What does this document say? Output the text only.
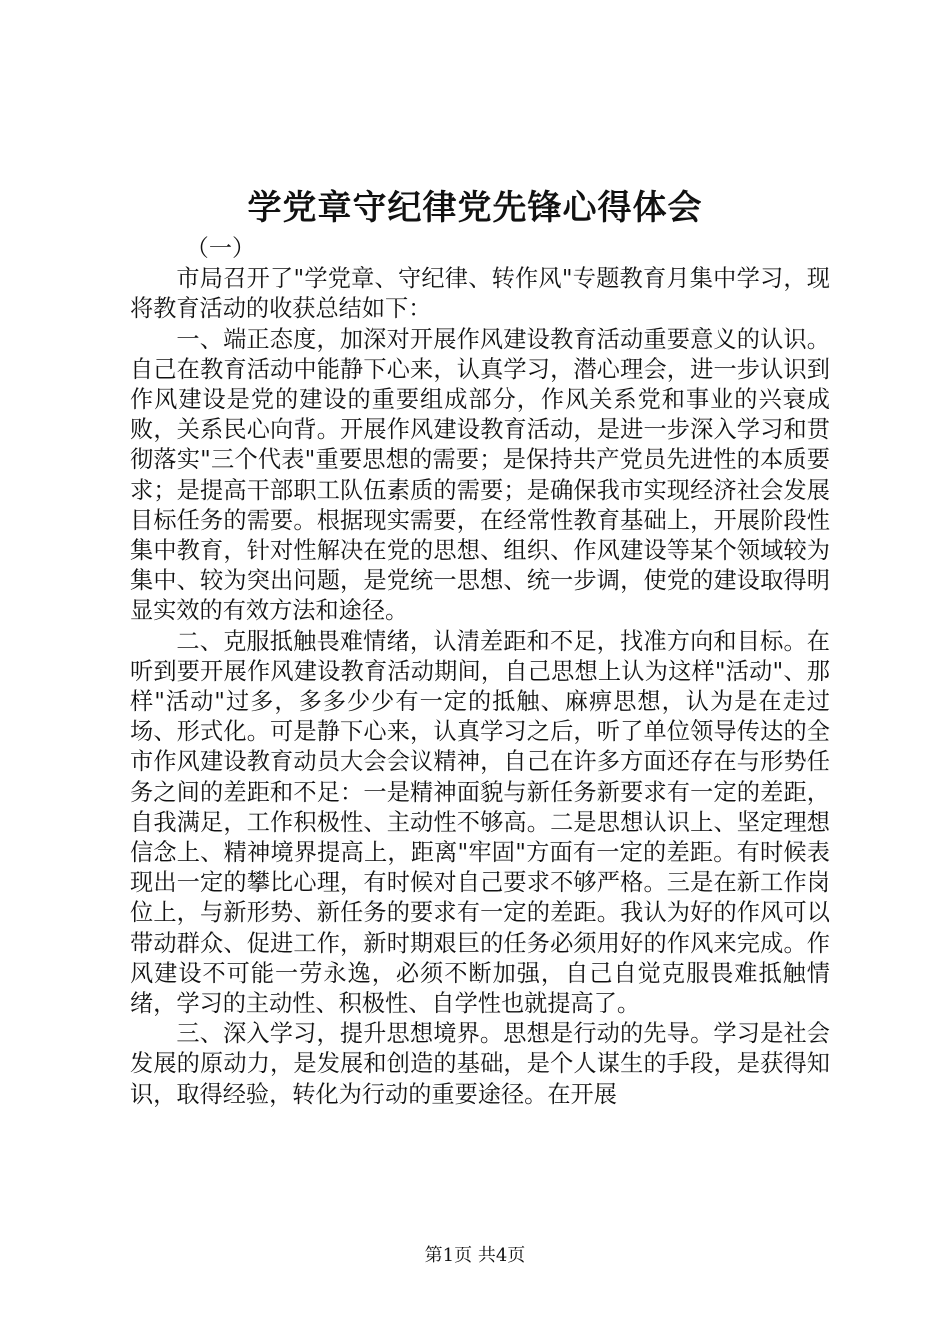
学党章守纪律党先锋心得体会

（一）

市局召开了"学党章、守纪律、转作风"专题教育月集中学习，现将教育活动的收获总结如下：

一、端正态度，加深对开展作风建设教育活动重要意义的认识。自己在教育活动中能静下心来，认真学习，潜心理会，进一步认识到作风建设是党的建设的重要组成部分，作风关系党和事业的兴衰成败，关系民心向背。开展作风建设教育活动，是进一步深入学习和贯彻落实"三个代表"重要思想的需要；是保持共产党员先进性的本质要求；是提高干部职工队伍素质的需要；是确保我市实现经济社会发展目标任务的需要。根据现实需要，在经常性教育基础上，开展阶段性集中教育，针对性解决在党的思想、组织、作风建设等某个领域较为集中、较为突出问题，是党统一思想、统一步调，使党的建设取得明显实效的有效方法和途径。

二、克服抵触畏难情绪，认清差距和不足，找准方向和目标。在听到要开展作风建设教育活动期间，自己思想上认为这样"活动"、那样"活动"过多，多多少少有一定的抵触、麻痹思想，认为是在走过场、形式化。可是静下心来，认真学习之后，听了单位领导传达的全市作风建设教育动员大会会议精神，自己在许多方面还存在与形势任务之间的差距和不足：一是精神面貌与新任务新要求有一定的差距，自我满足，工作积极性、主动性不够高。二是思想认识上、坚定理想信念上、精神境界提高上，距离"牢固"方面有一定的差距。有时候表现出一定的攀比心理，有时候对自己要求不够严格。三是在新工作岗位上，与新形势、新任务的要求有一定的差距。我认为好的作风可以带动群众、促进工作，新时期艰巨的任务必须用好的作风来完成。作风建设不可能一劳永逸，必须不断加强，自己自觉克服畏难抵触情绪，学习的主动性、积极性、自学性也就提高了。

三、深入学习，提升思想境界。思想是行动的先导。学习是社会发展的原动力，是发展和创造的基础，是个人谋生的手段，是获得知识，取得经验，转化为行动的重要途径。在开展

第1页 共4页
